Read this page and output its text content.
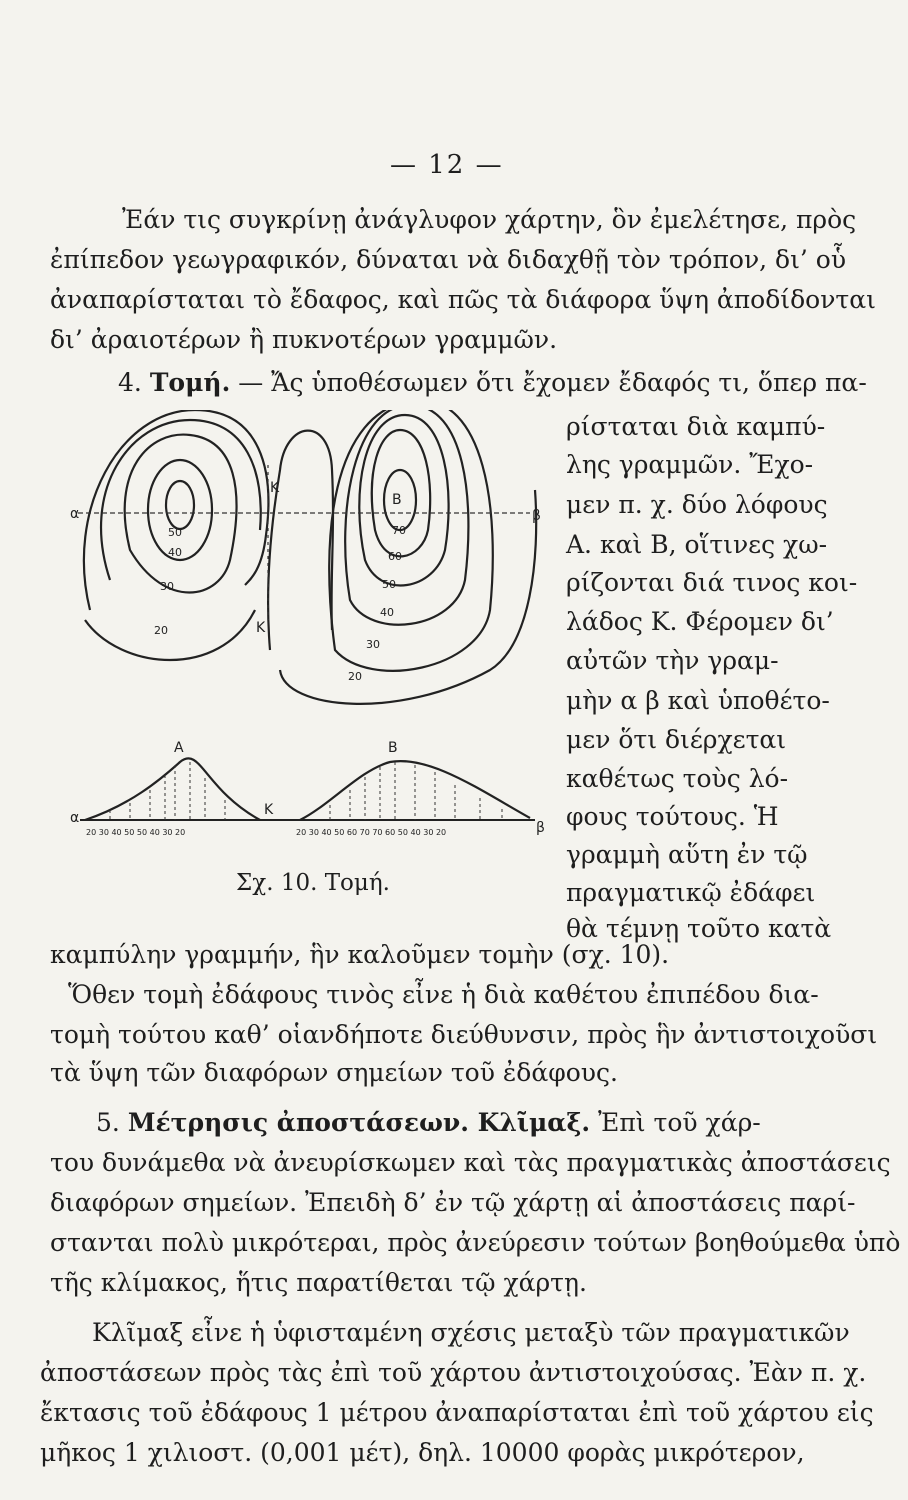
— 12 —
Ἐάν τις συγκρίνῃ ἀνάγλυφον χάρτην, ὃν ἐμελέτησε, πρὸς
ἐπίπεδον γεωγραφικόν, δύναται νὰ διδαχθῇ τὸν τρόπον, δι’ οὗ
ἀναπαρίσταται τὸ ἔδαφος, καὶ πῶς τὰ διάφορα ὕψη ἀποδίδονται
δι’ ἀραιοτέρων ἢ πυκνοτέρων γραμμῶν.
4. Τομή. — Ἄς ὑποθέσωμεν ὅτι ἔχομεν ἔδαφός τι, ὅπερ πα-
ρίσταται διὰ καμπύ-
λης γραμμῶν. Ἔχο-
μεν π. χ. δύο λόφους
Α. καὶ Β, οἵτινες χω-
ρίζονται διά τινος κοι-
λάδος Κ. Φέρομεν δι’
αὐτῶν τὴν γραμ-
μὴν α β καὶ ὑποθέτο-
μεν ὅτι διέρχεται
καθέτως τοὺς λό-
φους τούτους. Ἡ
γραμμὴ αὕτη ἐν τῷ
πραγματικῷ ἐδάφει
θὰ τέμνῃ τοῦτο κατὰ
καμπύλην γραμμήν, ἣν καλοῦμεν τομὴν (σχ. 10).
α	β
Κ
Κ
Β
50
40
30
20
70
60
50
40
30
20
Α	Β
Κ
α
β
20 30 40 50 50 40 30 20	20 30 40 50 60 70 70 60 50 40 30 20
Σχ. 10. Τομή.
Ὅθεν τομὴ ἐδάφους τινὸς εἶνε ἡ διὰ καθέτου ἐπιπέδου δια-
τομὴ τούτου καθ’ οἱανδήποτε διεύθυνσιν, πρὸς ἣν ἀντιστοιχοῦσι
τὰ ὕψη τῶν διαφόρων σημείων τοῦ ἐδάφους.
5. Μέτρησις ἀποστάσεων. Κλῖμαξ. Ἐπὶ τοῦ χάρ-
του δυνάμεθα νὰ ἀνευρίσκωμεν καὶ τὰς πραγματικὰς ἀποστάσεις
διαφόρων σημείων. Ἐπειδὴ δ’ ἐν τῷ χάρτῃ αἱ ἀποστάσεις παρί-
στανται πολὺ μικρότεραι, πρὸς ἀνεύρεσιν τούτων βοηθούμεθα ὑπὸ
τῆς κλίμακος, ἥτις παρατίθεται τῷ χάρτῃ.
Κλῖμαξ εἶνε ἡ ὑφισταμένη σχέσις μεταξὺ τῶν πραγματικῶν
ἀποστάσεων πρὸς τὰς ἐπὶ τοῦ χάρτου ἀντιστοιχούσας. Ἐὰν π. χ.
ἔκτασις τοῦ ἐδάφους 1 μέτρου ἀναπαρίσταται ἐπὶ τοῦ χάρτου εἰς
μῆκος 1 χιλιοστ. (0,001 μέτ), δηλ. 10000 φορὰς μικρότερον,
